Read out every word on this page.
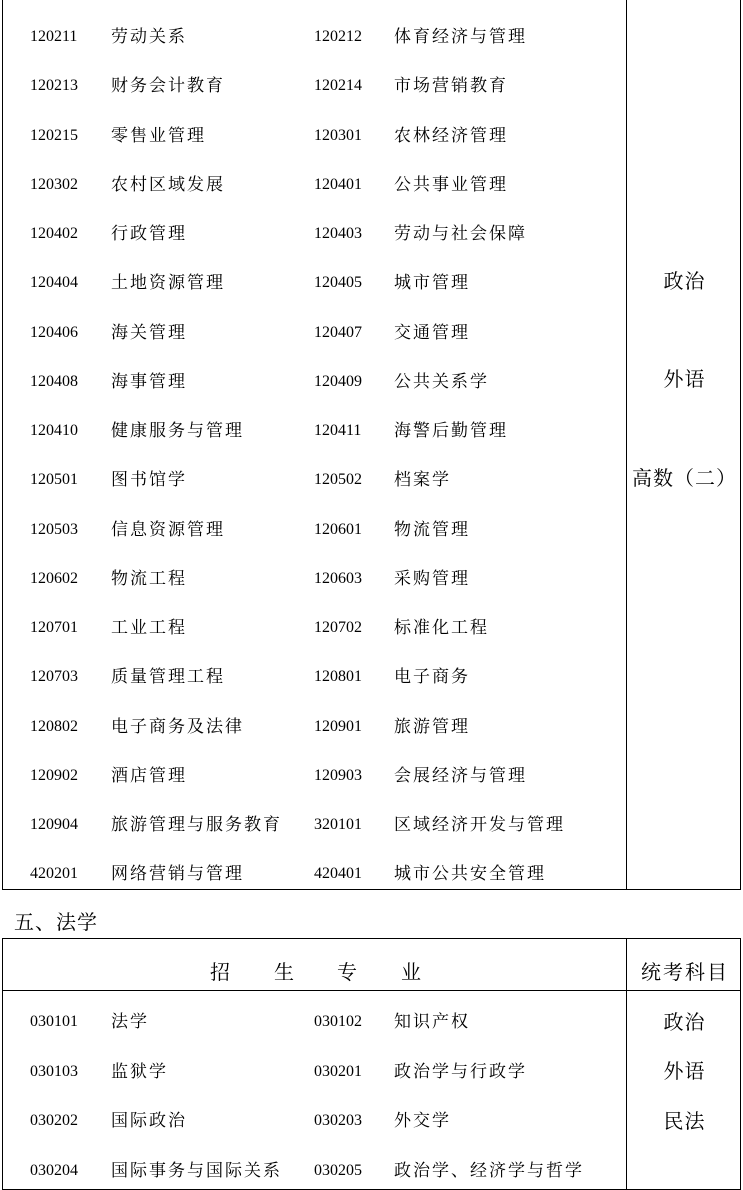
120211 劳动关系	120212 体育经济与管理
120213 财务会计教育	120214 市场营销教育
120215 零售业管理	120301 农林经济管理
120302 农村区域发展	120401 公共事业管理
120402 行政管理	120403 劳动与社会保障
120404 土地资源管理	120405 城市管理
120406 海关管理	120407 交通管理
120408 海事管理	120409 公共关系学
120410 健康服务与管理	120411 海警后勤管理
120501 图书馆学	120502 档案学
120503 信息资源管理	120601 物流管理
120602 物流工程	120603 采购管理
120701 工业工程	120702 标准化工程
120703 质量管理工程	120801 电子商务
120802 电子商务及法律	120901 旅游管理
120902 酒店管理	120903 会展经济与管理
120904 旅游管理与服务教育 320101 区域经济开发与管理
420201 网络营销与管理	420401 城市公共安全管理
政治
外语
高数（二）
五、法学
招 生 专 业	统考科目
030101 法学	030102 知识产权
030103 监狱学	030201 政治学与行政学
030202 国际政治	030203 外交学
030204 国际事务与国际关系 030205 政治学、经济学与哲学
政治
外语
民法
